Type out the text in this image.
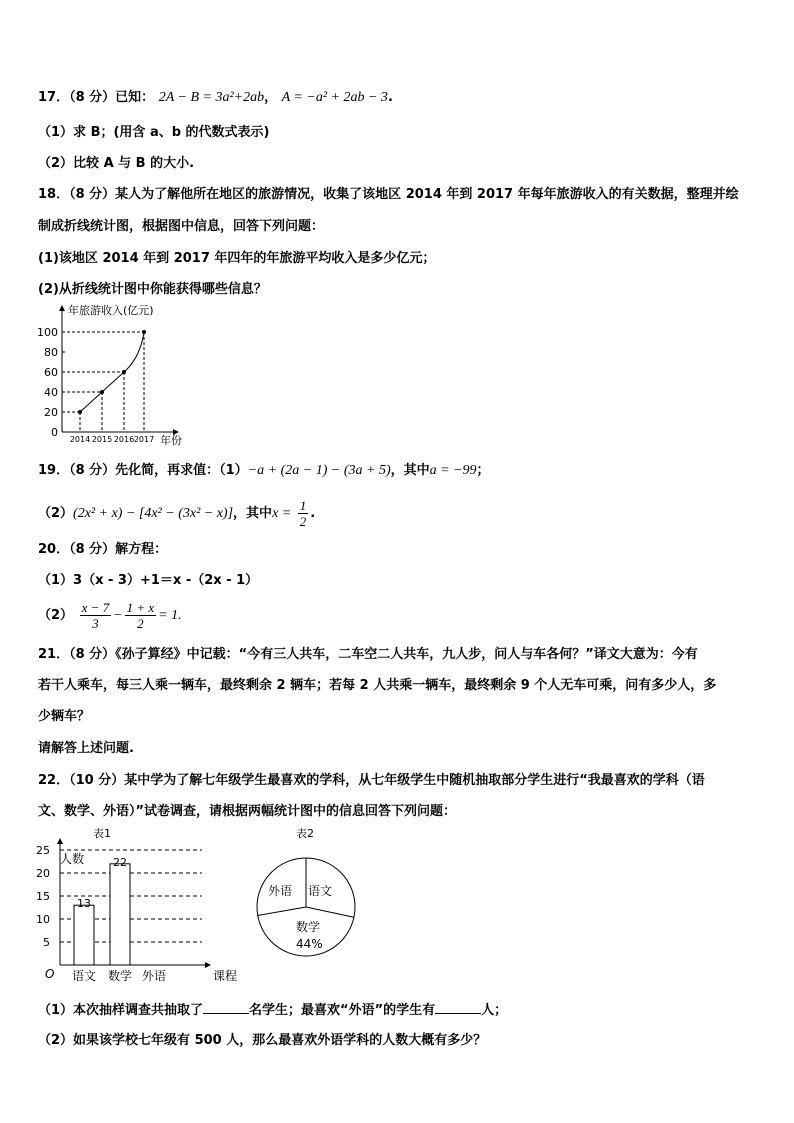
17．（8 分）已知： 2A − B = 3a²+2ab， A = −a² + 2ab − 3.
（1）求 B；(用含 a、b 的代数式表示)
（2）比较 A 与 B 的大小.
18．（8 分）某人为了解他所在地区的旅游情况，收集了该地区 2014 年到 2017 年每年旅游收入的有关数据，整理并绘
制成折线统计图，根据图中信息，回答下列问题：
(1)该地区 2014 年到 2017 年四年的年旅游平均收入是多少亿元；
(2)从折线统计图中你能获得哪些信息？
年旅游收入(亿元)
年份
0
20
40
60
80
100
2014 2015 2016 2017
19．（8 分）先化简，再求值：（1）−a + (2a − 1) − (3a + 5)，其中a = −99；
（2）(2x² + x) − [4x² − (3x² − x)]，其中$x = \frac{1}{2}$ .
20．（8 分）解方程：
（1）3（x - 3）+1＝x -（2x - 1）
$(2) \frac{x - 7}{3} - \frac{1 + x}{2} = 1$.
21．（8 分）《孙子算经》中记载：“今有三人共车，二车空二人共车，九人步，问人与车各何？”译文大意为：今有
若干人乘车，每三人乘一辆车，最终剩余 2 辆车；若每 2 人共乘一辆车，最终剩余 9 个人无车可乘，问有多少人，多
少辆车？
请解答上述问题.
22．（10 分）某中学为了解七年级学生最喜欢的学科，从七年级学生中随机抽取部分学生进行“我最喜欢的学科（语
文、数学、外语）”试卷调查，请根据两幅统计图中的信息回答下列问题：
表1
人数
课程
O
5
10
15
20
25
13
22
语文 数学 外语
表2
外语 语文
数学
44%
（1）本次抽样调查共抽取了	名学生；最喜欢“外语”的学生有	人；
（2）如果该学校七年级有 500 人，那么最喜欢外语学科的人数大概有多少？
